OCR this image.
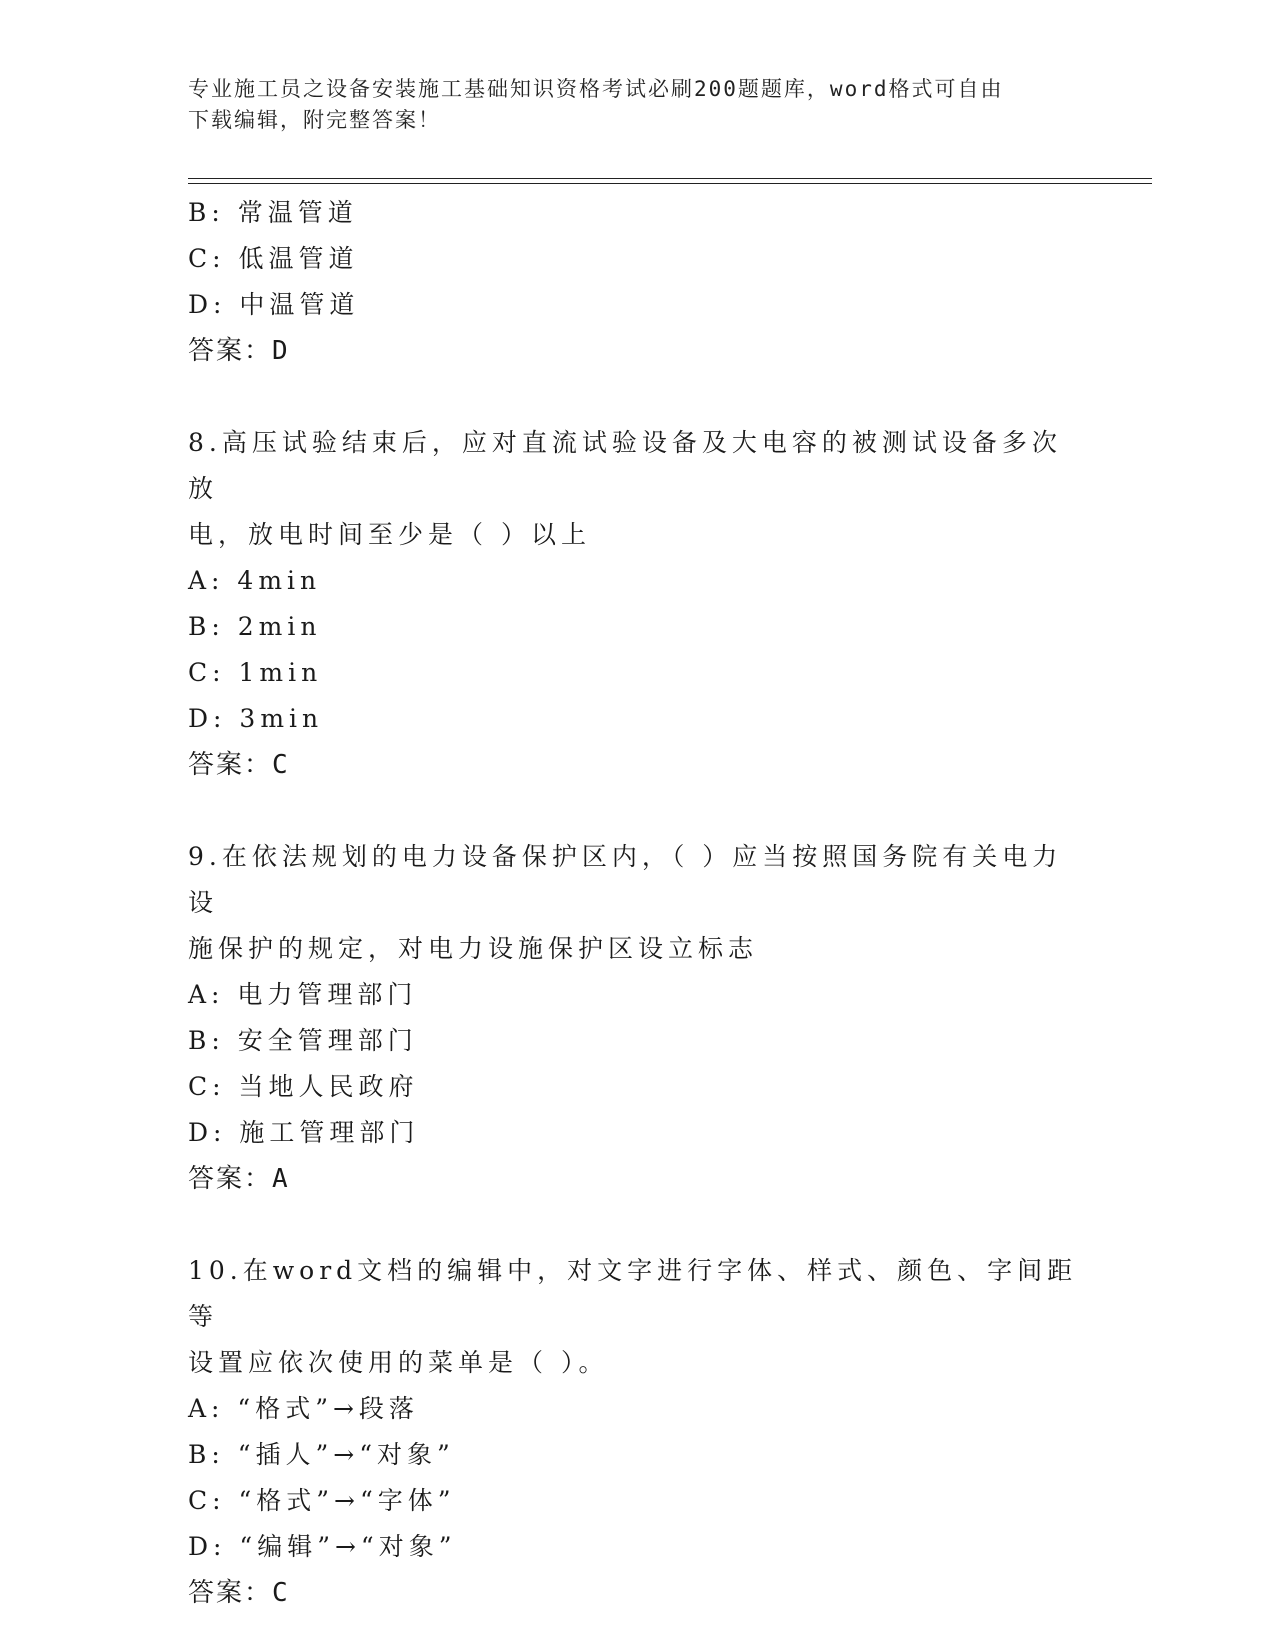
专业施工员之设备安装施工基础知识资格考试必刷200题题库，word格式可自由
下载编辑，附完整答案！
B: 常温管道
C: 低温管道
D: 中温管道
答案：D
8.高压试验结束后，应对直流试验设备及大电容的被测试设备多次放
电，放电时间至少是（ ）以上
A: 4min
B: 2min
C: 1min
D: 3min
答案：C
9.在依法规划的电力设备保护区内，（ ）应当按照国务院有关电力设
施保护的规定，对电力设施保护区设立标志
A: 电力管理部门
B: 安全管理部门
C: 当地人民政府
D: 施工管理部门
答案：A
10.在word文档的编辑中，对文字进行字体、样式、颜色、字间距等
设置应依次使用的菜单是（ ）。
A: “格式”→段落
B: “插人”→“对象”
C: “格式”→“字体”
D: “编辑”→“对象”
答案：C
